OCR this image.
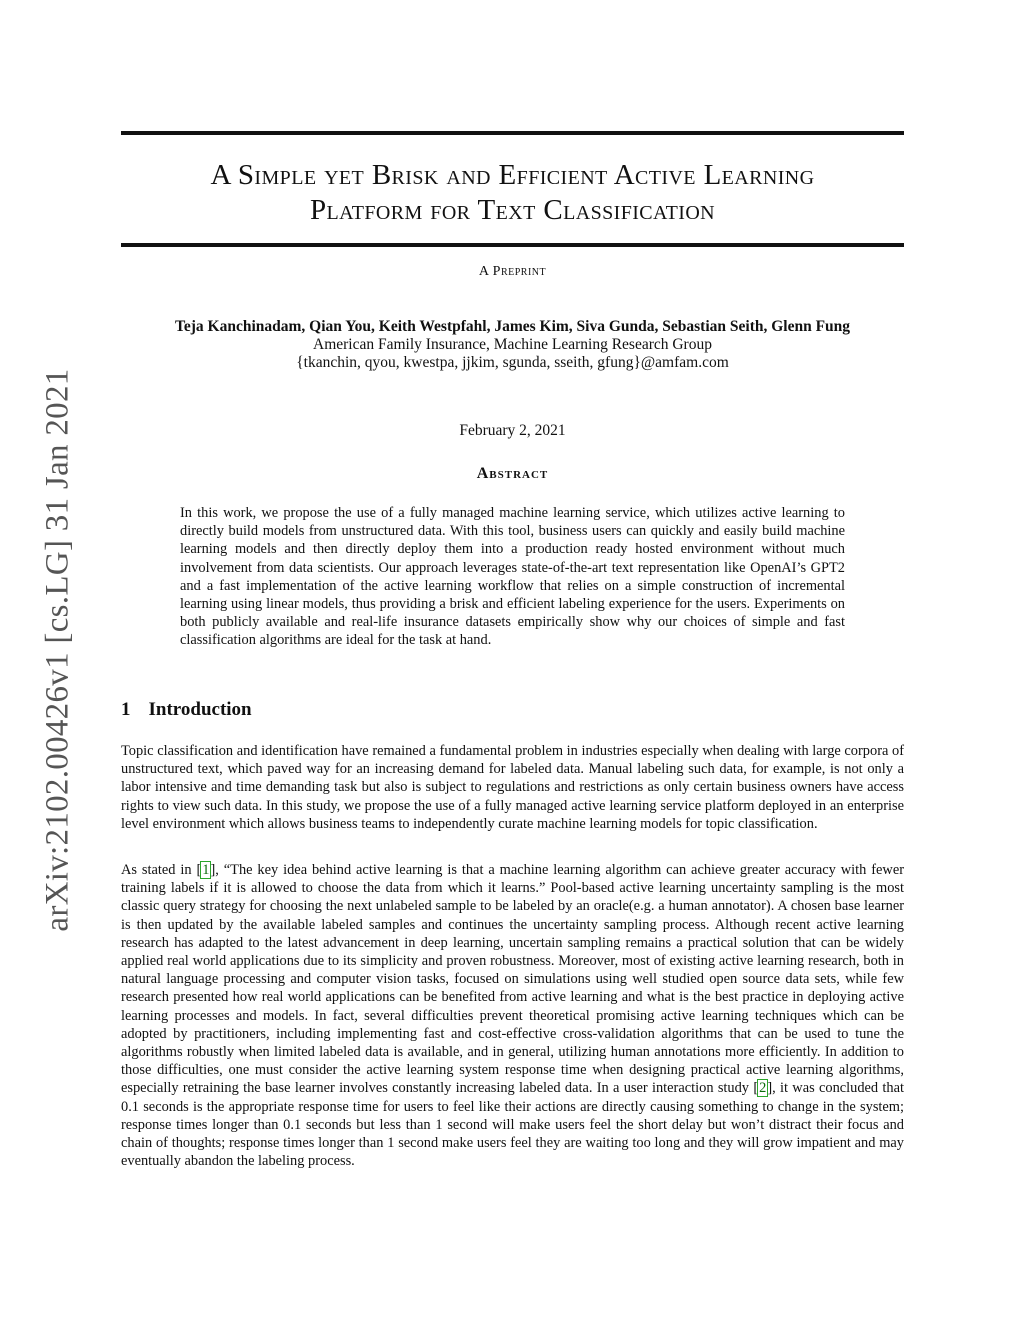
arXiv:2102.00426v1 [cs.LG] 31 Jan 2021
A Simple yet Brisk and Efficient Active Learning
Platform for Text Classification
A Preprint
Teja Kanchinadam, Qian You, Keith Westpfahl, James Kim, Siva Gunda, Sebastian Seith, Glenn Fung
American Family Insurance, Machine Learning Research Group
{tkanchin, qyou, kwestpa, jjkim, sgunda, sseith, gfung}@amfam.com
February 2, 2021
Abstract
In this work, we propose the use of a fully managed machine learning service, which utilizes active learning to directly build models from unstructured data. With this tool, business users can quickly and easily build machine learning models and then directly deploy them into a production ready hosted environment without much involvement from data scientists. Our approach leverages state-of-the-art text representation like OpenAI’s GPT2 and a fast implementation of the active learning workflow that relies on a simple construction of incremental learning using linear models, thus providing a brisk and efficient labeling experience for the users. Experiments on both publicly available and real-life insurance datasets empirically show why our choices of simple and fast classification algorithms are ideal for the task at hand.
1 Introduction

Topic classification and identification have remained a fundamental problem in industries especially when dealing with large corpora of unstructured text, which paved way for an increasing demand for labeled data. Manual labeling such data, for example, is not only a labor intensive and time demanding task but also is subject to regulations and restrictions as only certain business owners have access rights to view such data. In this study, we propose the use of a fully managed active learning service platform deployed in an enterprise level environment which allows business teams to independently curate machine learning models for topic classification.

As stated in [1], “The key idea behind active learning is that a machine learning algorithm can achieve greater accuracy with fewer training labels if it is allowed to choose the data from which it learns.” Pool-based active learning uncertainty sampling is the most classic query strategy for choosing the next unlabeled sample to be labeled by an oracle(e.g. a human annotator). A chosen base learner is then updated by the available labeled samples and continues the uncertainty sampling process. Although recent active learning research has adapted to the latest advancement in deep learning, uncertain sampling remains a practical solution that can be widely applied real world applications due to its simplicity and proven robustness. Moreover, most of existing active learning research, both in natural language processing and computer vision tasks, focused on simulations using well studied open source data sets, while few research presented how real world applications can be benefited from active learning and what is the best practice in deploying active learning processes and models. In fact, several difficulties prevent theoretical promising active learning techniques which can be adopted by practitioners, including implementing fast and cost-effective cross-validation algorithms that can be used to tune the algorithms robustly when limited labeled data is available, and in general, utilizing human annotations more efficiently. In addition to those difficulties, one must consider the active learning system response time when designing practical active learning algorithms, especially retraining the base learner involves constantly increasing labeled data. In a user interaction study [2], it was concluded that 0.1 seconds is the appropriate response time for users to feel like their actions are directly causing something to change in the system; response times longer than 0.1 seconds but less than 1 second will make users feel the short delay but won’t distract their focus and chain of thoughts; response times longer than 1 second make users feel they are waiting too long and they will grow impatient and may eventually abandon the labeling process.
